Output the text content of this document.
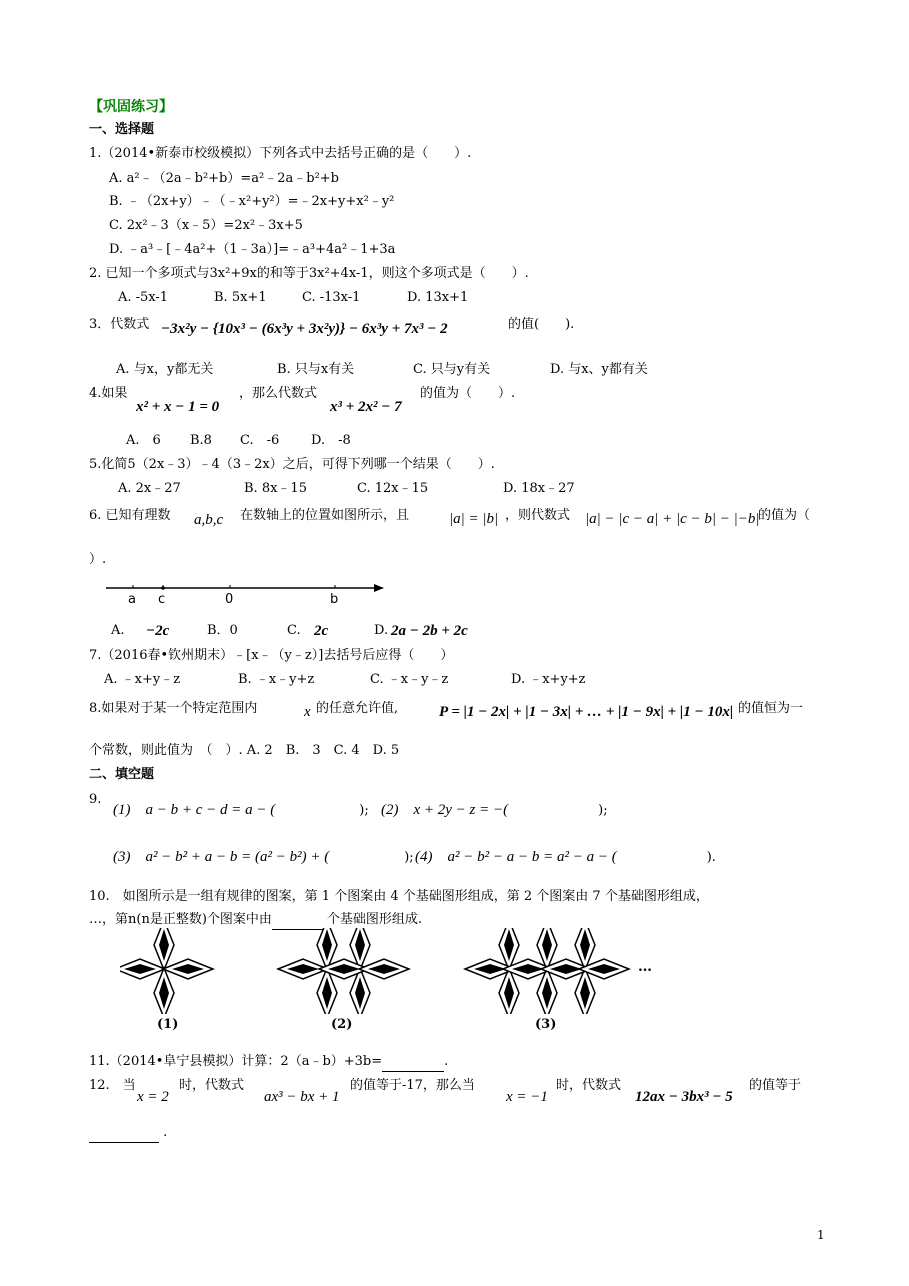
【巩固练习】
一、选择题
1.（2014•新泰市校级模拟）下列各式中去括号正确的是（　　）.
A. a²﹣（2a﹣b²+b）=a²﹣2a﹣b²+b
B. ﹣（2x+y）﹣（﹣x²+y²）=﹣2x+y+x²﹣y²
C. 2x²﹣3（x﹣5）=2x²﹣3x+5
D. ﹣a³﹣[﹣4a²+（1﹣3a）]=﹣a³+4a²﹣1+3a
2. 已知一个多项式与3x²+9x的和等于3x²+4x-1，则这个多项式是（　　）.
A. -5x-1	B. 5x+1	C. -13x-1	D. 13x+1
3．代数式 −3x²y − {10x³ − (6x³y + 3x²y)} − 6x³y + 7x³ − 2	的值(　　).
A. 与x，y都无关	B. 只与x有关	C. 只与y有关	D. 与x、y都有关
4.如果
x² + x − 1 = 0
，那么代数式
x³ + 2x² − 7
的值为（　　）.
A.　6 B.8 C.　-6 D.　-8
5.化简5（2x﹣3）﹣4（3﹣2x）之后，可得下列哪一个结果（　　）.
A. 2x﹣27	B. 8x﹣15	C. 12x﹣15	D. 18x﹣27
6. 已知有理数 a,b,c 在数轴上的位置如图所示，且	|a| = |b| ，则代数式 |a| − |c − a| + |c − b| − |−b|
的值为（
）.
a c	0	b
A. −2c	B．0	C. 2c	D. 2a − 2b + 2c
7.（2016春•钦州期末）﹣[x﹣（y﹣z）]去括号后应得（　　）
A. ﹣x+y﹣z	B. ﹣x﹣y+z	C. ﹣x﹣y﹣z	D. ﹣x+y+z
8.如果对于某一个特定范围内	x 的任意允许值,	P = |1 − 2x| + |1 − 3x| + … + |1 − 9x| + |1 − 10x| 的值恒为一
个常数，则此值为　（　）. A. 2　B.　3　C. 4　D. 5
二、填空题
9.
(1)　a − b + c − d = a − (	); (2)　x + 2y − z = −(	);
(3)　a² − b² + a − b = (a² − b²) + (	); (4)　a² − b² − a − b = a² − a − (	).
10.　如图所示是一组有规律的图案，第 1 个图案由 4 个基础图形组成，第 2 个图案由 7 个基础图形组成，
…，第n(n是正整数)个图案中由	个基础图形组成.
…
(1)	(2)	(3)
11.（2014•阜宁县模拟）计算：2（a﹣b）+3b=	.
12.　当
x = 2
时，代数式
ax³ − bx + 1
的值等于-17，那么当
x = −1
时，代数式
12ax − 3bx³ − 5
的值等于
.
1
